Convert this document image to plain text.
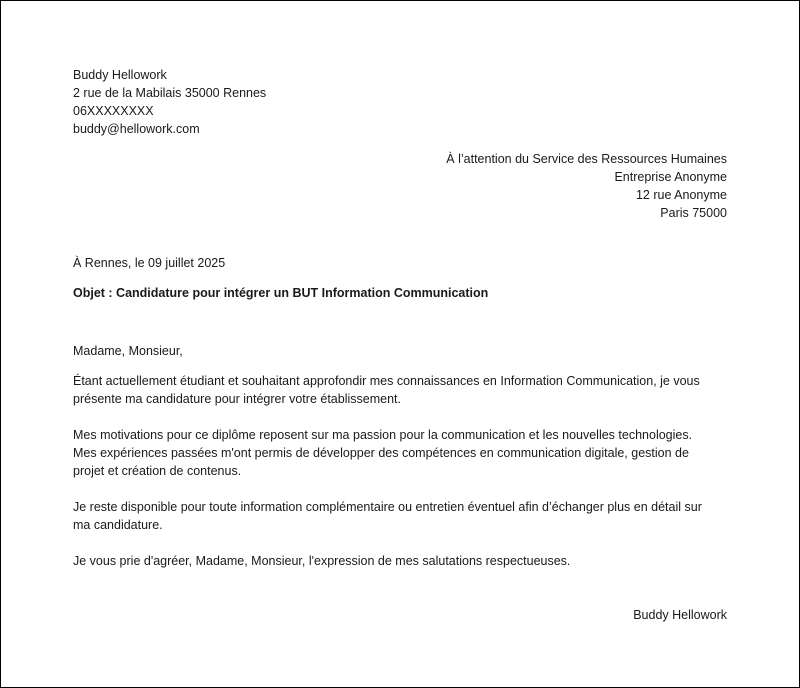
Buddy Hellowork
2 rue de la Mabilais 35000 Rennes
06XXXXXXXX
buddy@hellowork.com
À l’attention du Service des Ressources Humaines
Entreprise Anonyme
12 rue Anonyme
Paris 75000
À Rennes, le 09 juillet 2025
Objet : Candidature pour intégrer un BUT Information Communication
Madame, Monsieur,
Étant actuellement étudiant et souhaitant approfondir mes connaissances en Information Communication, je vous
présente ma candidature pour intégrer votre établissement.
Mes motivations pour ce diplôme reposent sur ma passion pour la communication et les nouvelles technologies.
Mes expériences passées m'ont permis de développer des compétences en communication digitale, gestion de
projet et création de contenus.
Je reste disponible pour toute information complémentaire ou entretien éventuel afin d’échanger plus en détail sur
ma candidature.
Je vous prie d'agréer, Madame, Monsieur, l'expression de mes salutations respectueuses.
Buddy Hellowork
